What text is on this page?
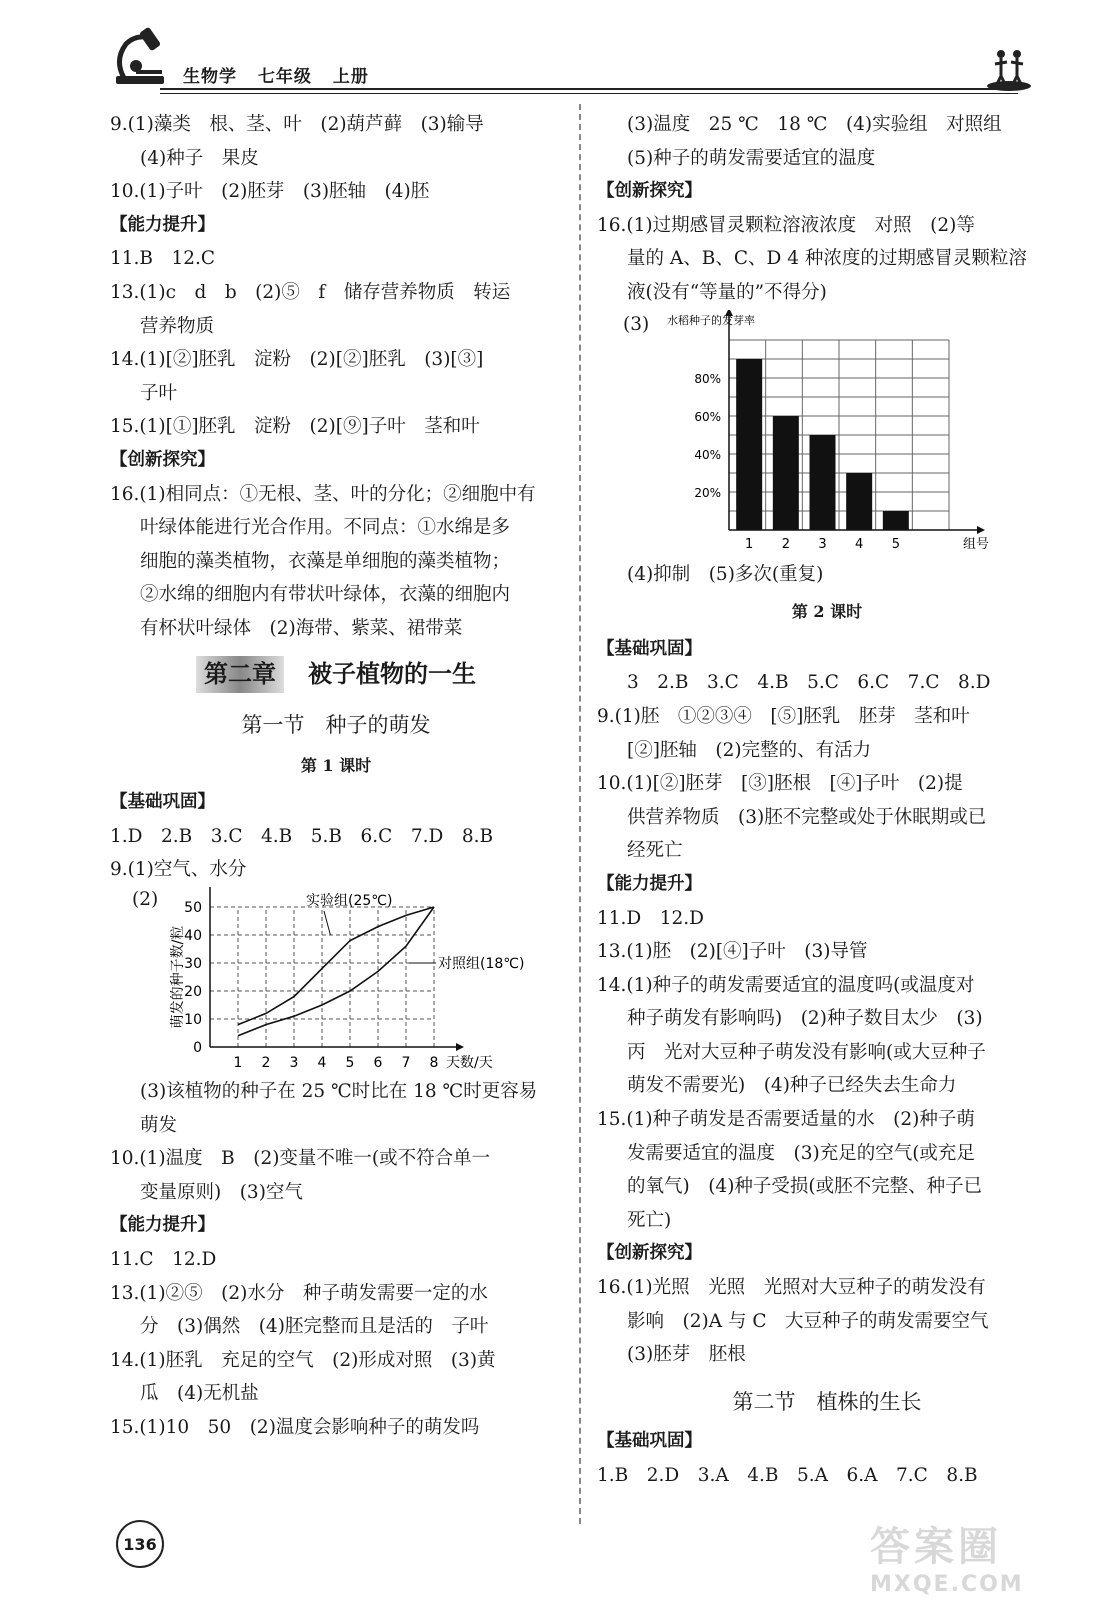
生物学 七年级 上册
9.(1)藻类　根、茎、叶　(2)葫芦藓　(3)输导
(4)种子　果皮
10.(1)子叶　(2)胚芽　(3)胚轴　(4)胚
【能力提升】
11.B　12.C
13.(1)c　d　b　(2)⑤　f　储存营养物质　转运
营养物质
14.(1)[②]胚乳　淀粉　(2)[②]胚乳　(3)[③]
子叶
15.(1)[①]胚乳　淀粉　(2)[⑨]子叶　茎和叶
【创新探究】
16.(1)相同点：①无根、茎、叶的分化；②细胞中有
叶绿体能进行光合作用。不同点：①水绵是多
细胞的藻类植物，衣藻是单细胞的藻类植物；
②水绵的细胞内有带状叶绿体，衣藻的细胞内
有杯状叶绿体　(2)海带、紫菜、裙带菜
第二章 被子植物的一生
第一节　种子的萌发
第 1 课时
【基础巩固】
1.D　2.B　3.C　4.B　5.B　6.C　7.D　8.B
9.(1)空气、水分
(2)
0
10
20
30
40
50
1 2 3 4 5 6 7 8 天数/天
萌发的种子数/粒
实验组(25℃)
对照组(18℃)
(3)该植物的种子在 25 ℃时比在 18 ℃时更容易
萌发
10.(1)温度　B　(2)变量不唯一(或不符合单一
变量原则)　(3)空气
【能力提升】
11.C　12.D
13.(1)②⑤　(2)水分　种子萌发需要一定的水
分　(3)偶然　(4)胚完整而且是活的　子叶
14.(1)胚乳　充足的空气　(2)形成对照　(3)黄
瓜　(4)无机盐
15.(1)10　50　(2)温度会影响种子的萌发吗
(3)温度　25 ℃　18 ℃　(4)实验组　对照组
(5)种子的萌发需要适宜的温度
【创新探究】
16.(1)过期感冒灵颗粒溶液浓度　对照　(2)等
量的 A、B、C、D 4 种浓度的过期感冒灵颗粒溶
液(没有“等量的”不得分)
(3)
20%
40%
60%
80%
水稻种子的发芽率
1 2 3 4 5	组号
(4)抑制　(5)多次(重复)
第 2 课时
【基础巩固】
3　2.B　3.C　4.B　5.C　6.C　7.C　8.D
9.(1)胚　①②③④　[⑤]胚乳　胚芽　茎和叶
[②]胚轴　(2)完整的、有活力
10.(1)[②]胚芽　[③]胚根　[④]子叶　(2)提
供营养物质　(3)胚不完整或处于休眠期或已
经死亡
【能力提升】
11.D　12.D
13.(1)胚　(2)[④]子叶　(3)导管
14.(1)种子的萌发需要适宜的温度吗(或温度对
种子萌发有影响吗)　(2)种子数目太少　(3)
丙　光对大豆种子萌发没有影响(或大豆种子
萌发不需要光)　(4)种子已经失去生命力
15.(1)种子萌发是否需要适量的水　(2)种子萌
发需要适宜的温度　(3)充足的空气(或充足
的氧气)　(4)种子受损(或胚不完整、种子已
死亡)
【创新探究】
16.(1)光照　光照　光照对大豆种子的萌发没有
影响　(2)A 与 C　大豆种子的萌发需要空气
(3)胚芽　胚根
第二节　植株的生长
【基础巩固】
1.B　2.D　3.A　4.B　5.A　6.A　7.C　8.B
136	答案圈
MXQE.COM
